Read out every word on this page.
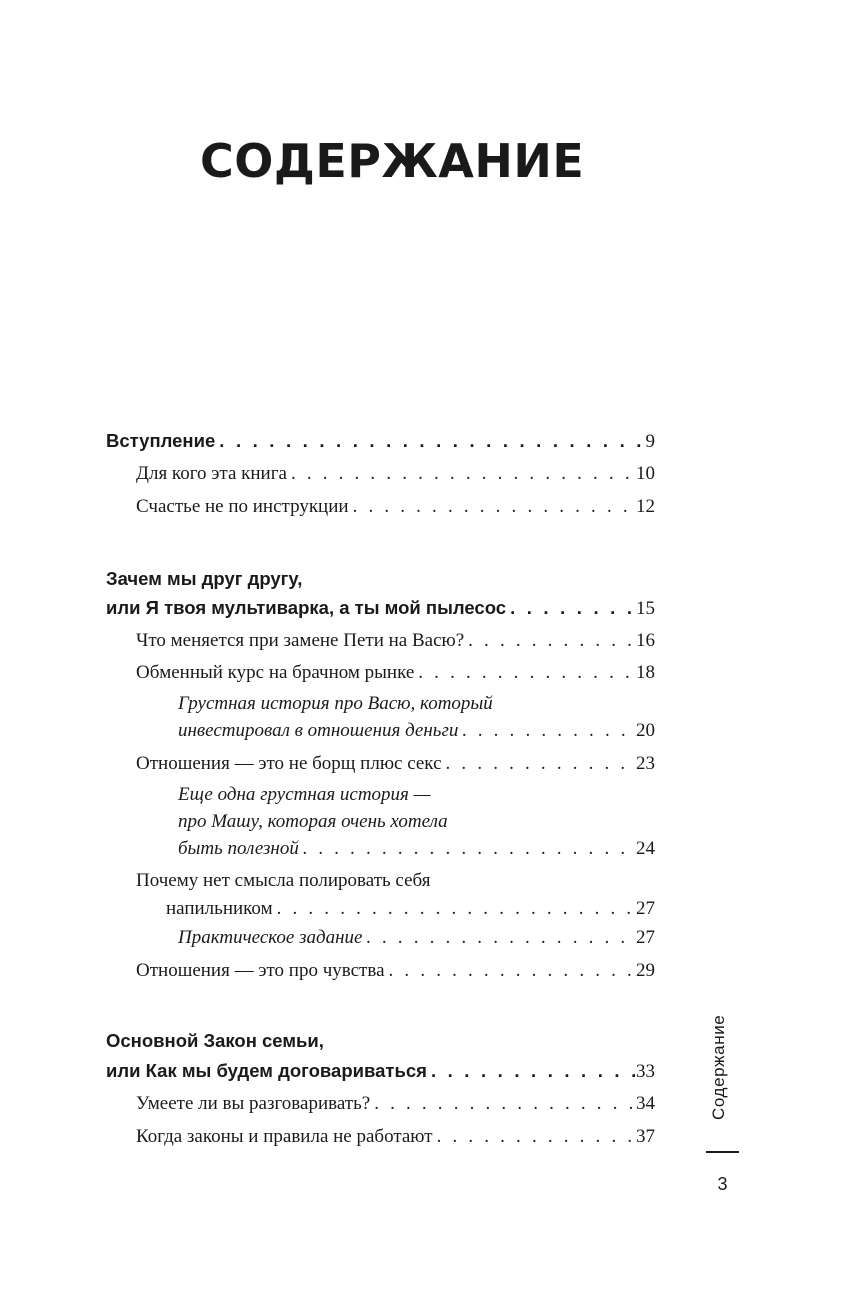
СОДЕРЖАНИЕ
Вступление . . .	9
Для кого эта книга . . .	10
Счастье не по инструкции . . .	12
Зачем мы друг другу,
или Я твоя мультиварка, а ты мой пылесос . . .	15
Что меняется при замене Пети на Васю? . . .	16
Обменный курс на брачном рынке . . .	18
Грустная история про Васю, который
инвестировал в отношения деньги . . .	20
Отношения — это не борщ плюс секс . . .	23
Еще одна грустная история —
про Машу, которая очень хотела
быть полезной . . .	24
Почему нет смысла полировать себя
напильником . . .	27
Практическое задание . . .	27
Отношения — это про чувства . . .	29
Основной Закон семьи,
или Как мы будем договариваться . . .	33
Умеете ли вы разговаривать? . . .	34
Когда законы и правила не работают . . .	37
Содержание
3
